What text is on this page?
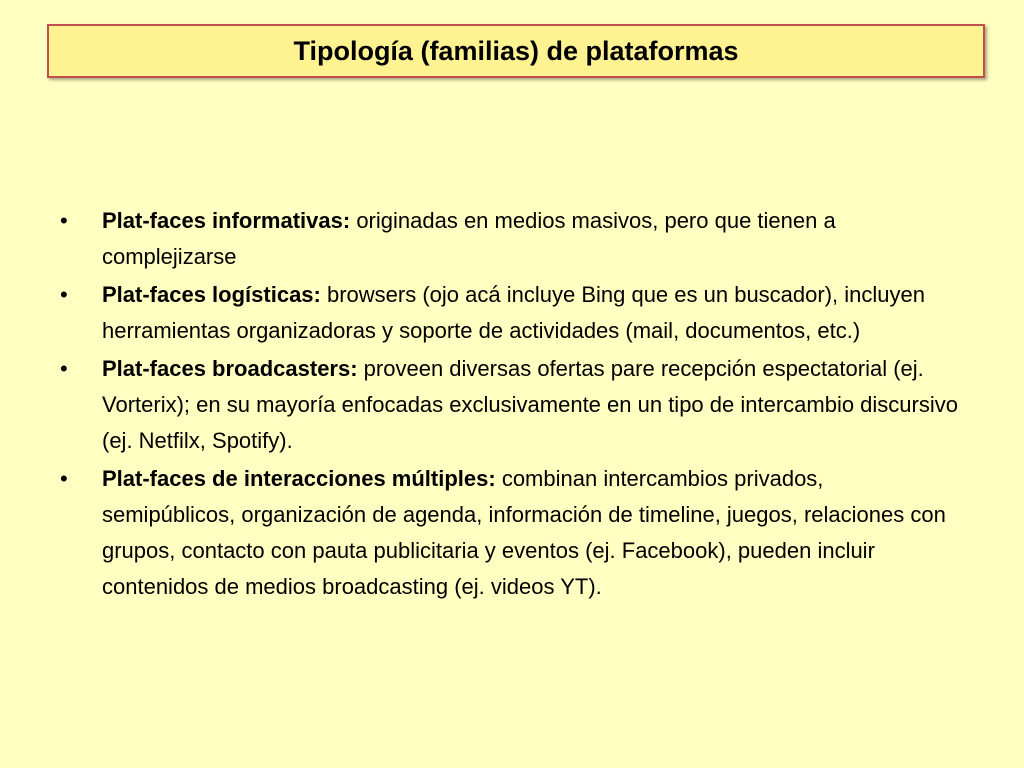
Tipología (familias) de plataformas
•	Plat-faces informativas: originadas en medios masivos, pero que tienen a complejizarse
•	Plat-faces logísticas: browsers (ojo acá incluye Bing que es un buscador), incluyen herramientas organizadoras y soporte de actividades (mail, documentos, etc.)
•	Plat-faces broadcasters: proveen diversas ofertas pare recepción espectatorial (ej. Vorterix); en su mayoría enfocadas exclusivamente en un tipo de intercambio discursivo (ej. Netfilx, Spotify).
•	Plat-faces de interacciones múltiples: combinan intercambios privados, semipúblicos, organización de agenda, información de timeline, juegos, relaciones con grupos, contacto con pauta publicitaria y eventos (ej. Facebook), pueden incluir contenidos de medios broadcasting (ej. videos YT).
